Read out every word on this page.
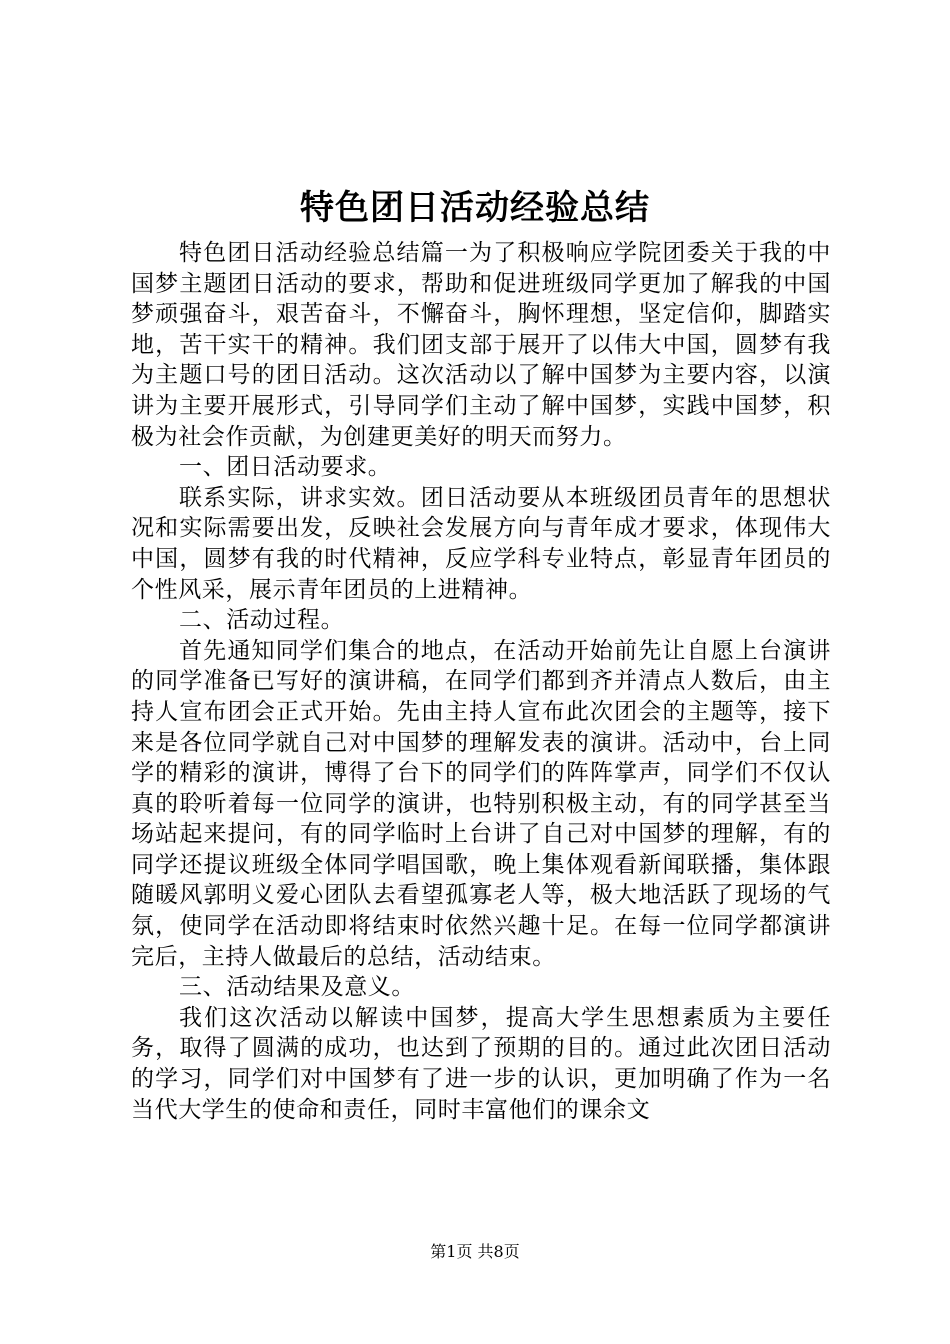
特色团日活动经验总结

特色团日活动经验总结篇一为了积极响应学院团委关于我的中国梦主题团日活动的要求，帮助和促进班级同学更加了解我的中国梦顽强奋斗，艰苦奋斗，不懈奋斗，胸怀理想，坚定信仰，脚踏实地，苦干实干的精神。我们团支部于展开了以伟大中国，圆梦有我为主题口号的团日活动。这次活动以了解中国梦为主要内容，以演讲为主要开展形式，引导同学们主动了解中国梦，实践中国梦，积极为社会作贡献，为创建更美好的明天而努力。

一、团日活动要求。

联系实际，讲求实效。团日活动要从本班级团员青年的思想状况和实际需要出发，反映社会发展方向与青年成才要求，体现伟大中国，圆梦有我的时代精神，反应学科专业特点，彰显青年团员的个性风采，展示青年团员的上进精神。

二、活动过程。

首先通知同学们集合的地点，在活动开始前先让自愿上台演讲的同学准备已写好的演讲稿，在同学们都到齐并清点人数后，由主持人宣布团会正式开始。先由主持人宣布此次团会的主题等，接下来是各位同学就自己对中国梦的理解发表的演讲。活动中，台上同学的精彩的演讲，博得了台下的同学们的阵阵掌声，同学们不仅认真的聆听着每一位同学的演讲，也特别积极主动，有的同学甚至当场站起来提问，有的同学临时上台讲了自己对中国梦的理解，有的同学还提议班级全体同学唱国歌，晚上集体观看新闻联播，集体跟随暖风郭明义爱心团队去看望孤寡老人等，极大地活跃了现场的气氛，使同学在活动即将结束时依然兴趣十足。在每一位同学都演讲完后，主持人做最后的总结，活动结束。

三、活动结果及意义。

我们这次活动以解读中国梦，提高大学生思想素质为主要任务，取得了圆满的成功，也达到了预期的目的。通过此次团日活动的学习，同学们对中国梦有了进一步的认识，更加明确了作为一名当代大学生的使命和责任，同时丰富他们的课余文

第1页 共8页
